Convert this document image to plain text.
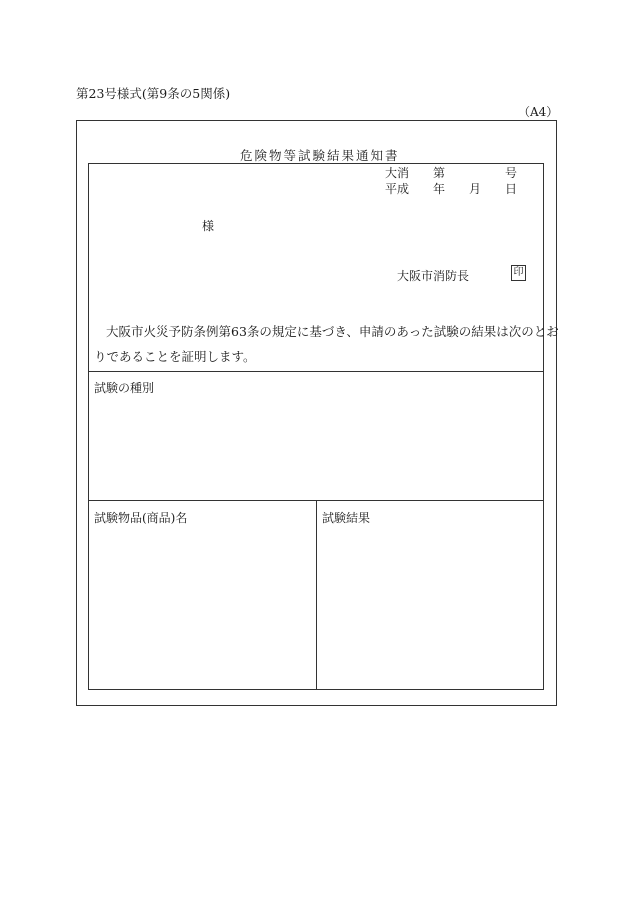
第23号様式(第9条の5関係)
（A4）
危険物等試験結果通知書
大消 第	号
平成 年 月 日
様
大阪市消防長	印
大阪市火災予防条例第63条の規定に基づき、申請のあった試験の結果は次のとお
りであることを証明します。
試験の種別
試験物品(商品)名	試験結果
